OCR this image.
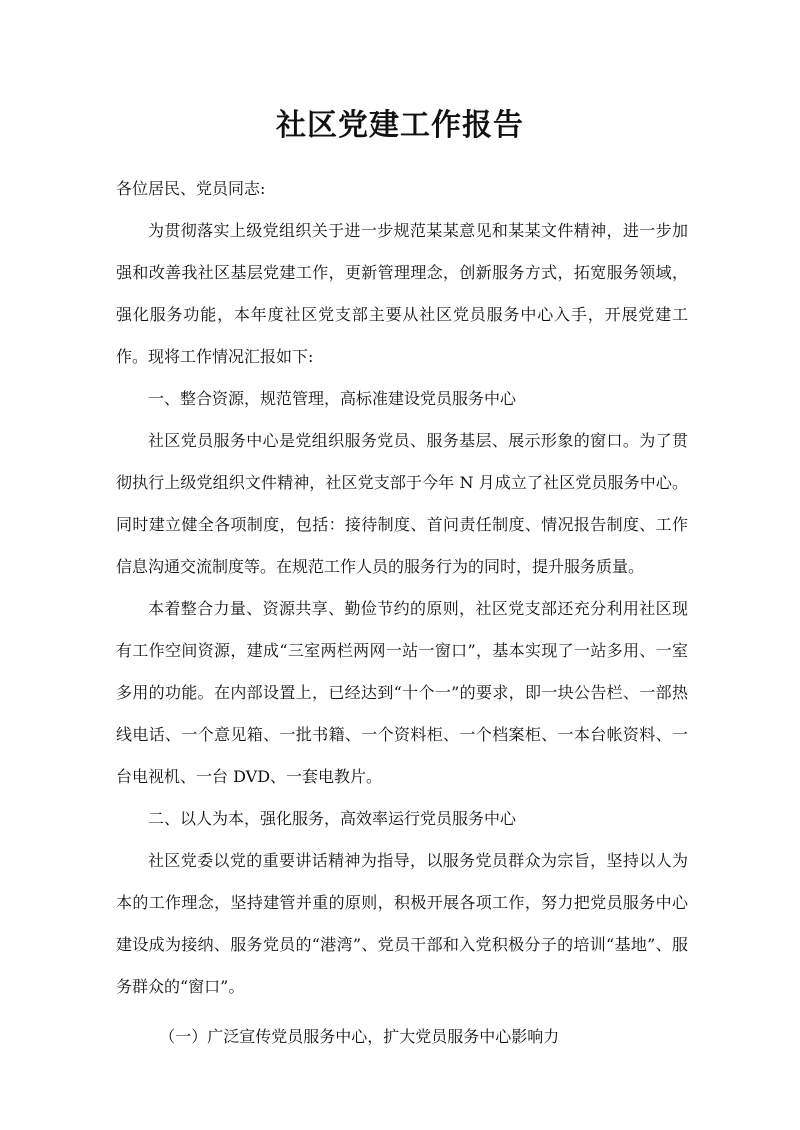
社区党建工作报告

各位居民、党员同志:

为贯彻落实上级党组织关于进一步规范某某意见和某某文件精神，进一步加强和改善我社区基层党建工作，更新管理理念，创新服务方式，拓宽服务领域，强化服务功能，本年度社区党支部主要从社区党员服务中心入手，开展党建工作。现将工作情况汇报如下:

一、整合资源，规范管理，高标准建设党员服务中心

社区党员服务中心是党组织服务党员、服务基层、展示形象的窗口。为了贯彻执行上级党组织文件精神，社区党支部于今年 N 月成立了社区党员服务中心。同时建立健全各项制度，包括：接待制度、首问责任制度、情况报告制度、工作信息沟通交流制度等。在规范工作人员的服务行为的同时，提升服务质量。

本着整合力量、资源共享、勤俭节约的原则，社区党支部还充分利用社区现有工作空间资源，建成“三室两栏两网一站一窗口”，基本实现了一站多用、一室多用的功能。在内部设置上，已经达到“十个一”的要求，即一块公告栏、一部热线电话、一个意见箱、一批书籍、一个资料柜、一个档案柜、一本台帐资料、一台电视机、一台 DVD、一套电教片。

二、以人为本，强化服务，高效率运行党员服务中心

社区党委以党的重要讲话精神为指导，以服务党员群众为宗旨，坚持以人为本的工作理念，坚持建管并重的原则，积极开展各项工作，努力把党员服务中心建设成为接纳、服务党员的“港湾”、党员干部和入党积极分子的培训“基地”、服务群众的“窗口”。

（一）广泛宣传党员服务中心，扩大党员服务中心影响力
